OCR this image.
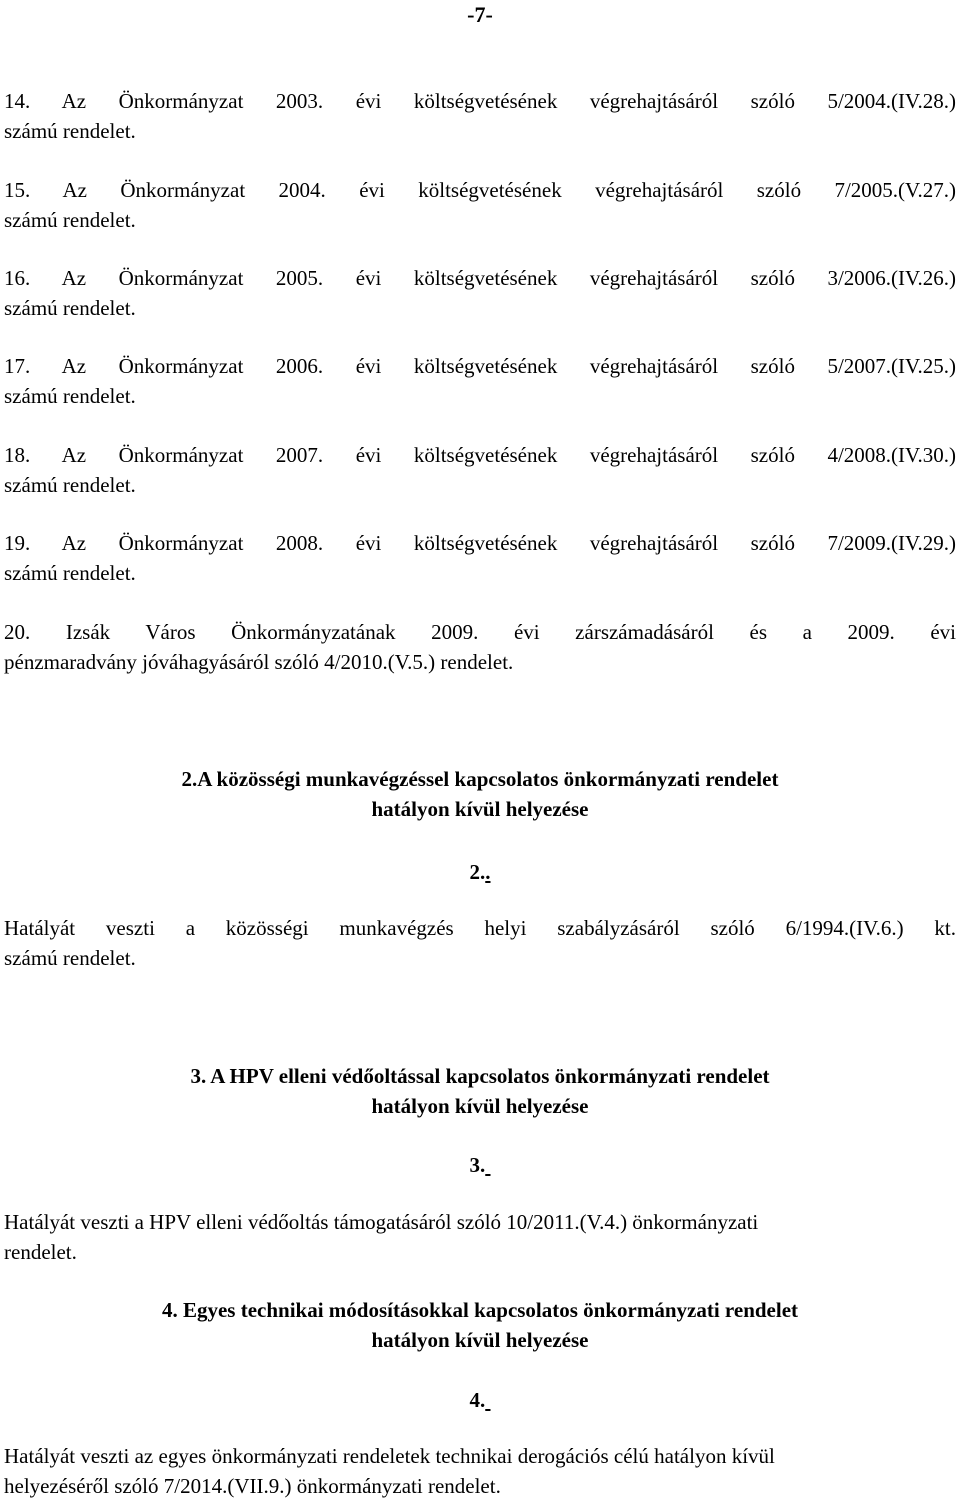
-7-
14. Az Önkormányzat 2003. évi költségvetésének végrehajtásáról szóló 5/2004.(IV.28.)
számú rendelet.
15. Az Önkormányzat 2004. évi költségvetésének végrehajtásáról szóló 7/2005.(V.27.)
számú rendelet.
16. Az Önkormányzat 2005. évi költségvetésének végrehajtásáról szóló 3/2006.(IV.26.)
számú rendelet.
17. Az Önkormányzat 2006. évi költségvetésének végrehajtásáról szóló 5/2007.(IV.25.)
számú rendelet.
18. Az Önkormányzat 2007. évi költségvetésének végrehajtásáról szóló 4/2008.(IV.30.)
számú rendelet.
19. Az Önkormányzat 2008. évi költségvetésének végrehajtásáról szóló 7/2009.(IV.29.)
számú rendelet.
20. Izsák Város Önkormányzatának 2009. évi zárszámadásáról és a 2009. évi
pénzmaradvány jóváhagyásáról szóló 4/2010.(V.5.) rendelet.
2.A közösségi munkavégzéssel kapcsolatos önkormányzati rendelet
hatályon kívül helyezése
2..
Hatályát veszti a közösségi munkavégzés helyi szabályzásáról szóló 6/1994.(IV.6.) kt.
számú rendelet.
3. A HPV elleni védőoltással kapcsolatos önkormányzati rendelet
hatályon kívül helyezése
3.
Hatályát veszti a HPV elleni védőoltás támogatásáról szóló 10/2011.(V.4.) önkormányzati
rendelet.
4. Egyes technikai módosításokkal kapcsolatos önkormányzati rendelet
hatályon kívül helyezése
4.
Hatályát veszti az egyes önkormányzati rendeletek technikai derogációs célú hatályon kívül
helyezéséről szóló 7/2014.(VII.9.) önkormányzati rendelet.
